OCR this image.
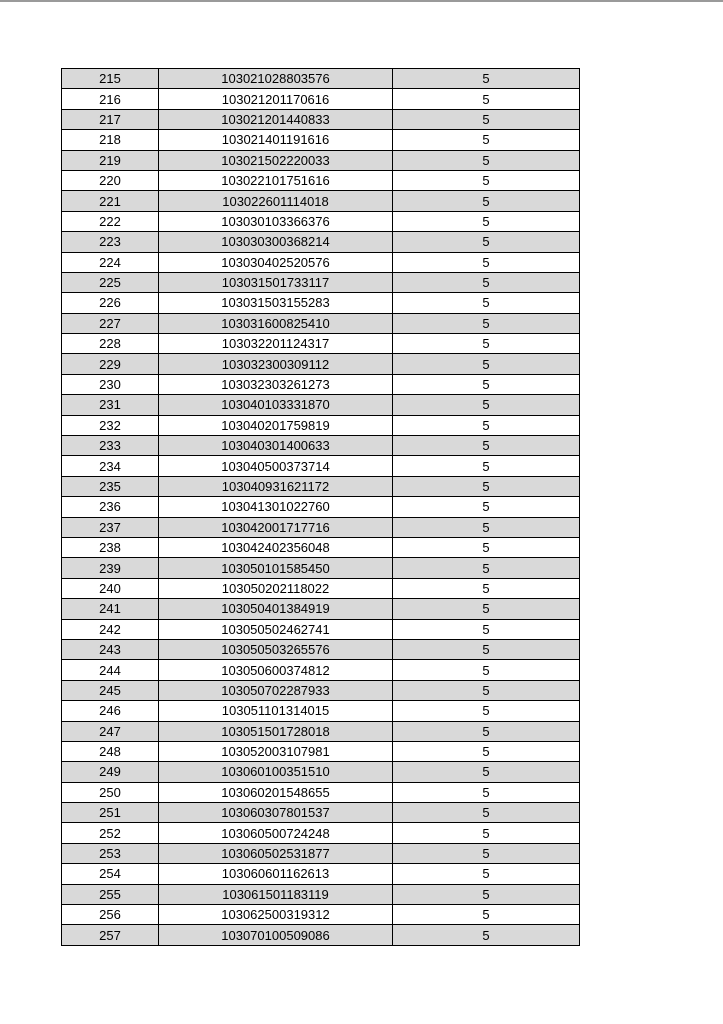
215	103021028803576	5
216	103021201170616	5
217	103021201440833	5
218	103021401191616	5
219	103021502220033	5
220	103022101751616	5
221	103022601114018	5
222	103030103366376	5
223	103030300368214	5
224	103030402520576	5
225	103031501733117	5
226	103031503155283	5
227	103031600825410	5
228	103032201124317	5
229	103032300309112	5
230	103032303261273	5
231	103040103331870	5
232	103040201759819	5
233	103040301400633	5
234	103040500373714	5
235	103040931621172	5
236	103041301022760	5
237	103042001717716	5
238	103042402356048	5
239	103050101585450	5
240	103050202118022	5
241	103050401384919	5
242	103050502462741	5
243	103050503265576	5
244	103050600374812	5
245	103050702287933	5
246	103051101314015	5
247	103051501728018	5
248	103052003107981	5
249	103060100351510	5
250	103060201548655	5
251	103060307801537	5
252	103060500724248	5
253	103060502531877	5
254	103060601162613	5
255	103061501183119	5
256	103062500319312	5
257	103070100509086	5
